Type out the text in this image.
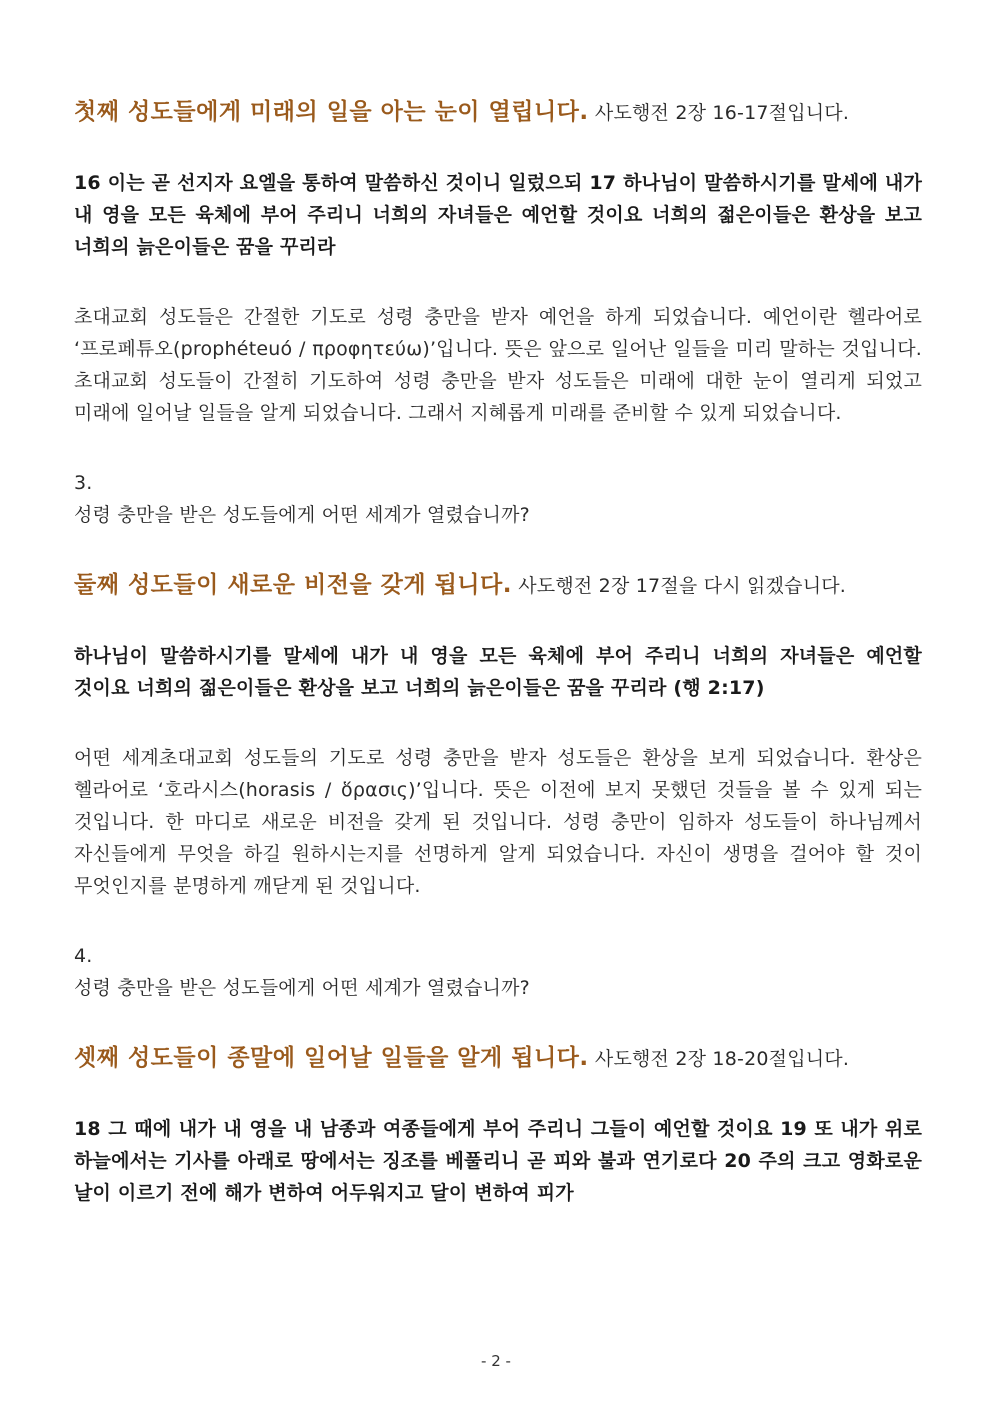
첫째 성도들에게 미래의 일을 아는 눈이 열립니다. 사도행전 2장 16-17절입니다.

16 이는 곧 선지자 요엘을 통하여 말씀하신 것이니 일렀으되 17 하나님이 말씀하시기를 말세에 내가 내 영을 모든 육체에 부어 주리니 너희의 자녀들은 예언할 것이요 너희의 젊은이들은 환상을 보고 너희의 늙은이들은 꿈을 꾸리라

초대교회 성도들은 간절한 기도로 성령 충만을 받자 예언을 하게 되었습니다. 예언이란 헬라어로 ‘프로페튜오(prophéteuó / προφητεύω)’입니다. 뜻은 앞으로 일어난 일들을 미리 말하는 것입니다. 초대교회 성도들이 간절히 기도하여 성령 충만을 받자 성도들은 미래에 대한 눈이 열리게 되었고 미래에 일어날 일들을 알게 되었습니다. 그래서 지혜롭게 미래를 준비할 수 있게 되었습니다.

3.

성령 충만을 받은 성도들에게 어떤 세계가 열렸습니까?

둘째 성도들이 새로운 비전을 갖게 됩니다. 사도행전 2장 17절을 다시 읽겠습니다.

하나님이 말씀하시기를 말세에 내가 내 영을 모든 육체에 부어 주리니 너희의 자녀들은 예언할 것이요 너희의 젊은이들은 환상을 보고 너희의 늙은이들은 꿈을 꾸리라 (행 2:17)

어떤 세계초대교회 성도들의 기도로 성령 충만을 받자 성도들은 환상을 보게 되었습니다. 환상은 헬라어로 ‘호라시스(horasis / ὅρασις)’입니다. 뜻은 이전에 보지 못했던 것들을 볼 수 있게 되는 것입니다. 한 마디로 새로운 비전을 갖게 된 것입니다. 성령 충만이 임하자 성도들이 하나님께서 자신들에게 무엇을 하길 원하시는지를 선명하게 알게 되었습니다. 자신이 생명을 걸어야 할 것이 무엇인지를 분명하게 깨닫게 된 것입니다.

4.

성령 충만을 받은 성도들에게 어떤 세계가 열렸습니까?

셋째 성도들이 종말에 일어날 일들을 알게 됩니다. 사도행전 2장 18-20절입니다.

18 그 때에 내가 내 영을 내 남종과 여종들에게 부어 주리니 그들이 예언할 것이요 19 또 내가 위로 하늘에서는 기사를 아래로 땅에서는 징조를 베풀리니 곧 피와 불과 연기로다 20 주의 크고 영화로운 날이 이르기 전에 해가 변하여 어두워지고 달이 변하여 피가

- 2 -
